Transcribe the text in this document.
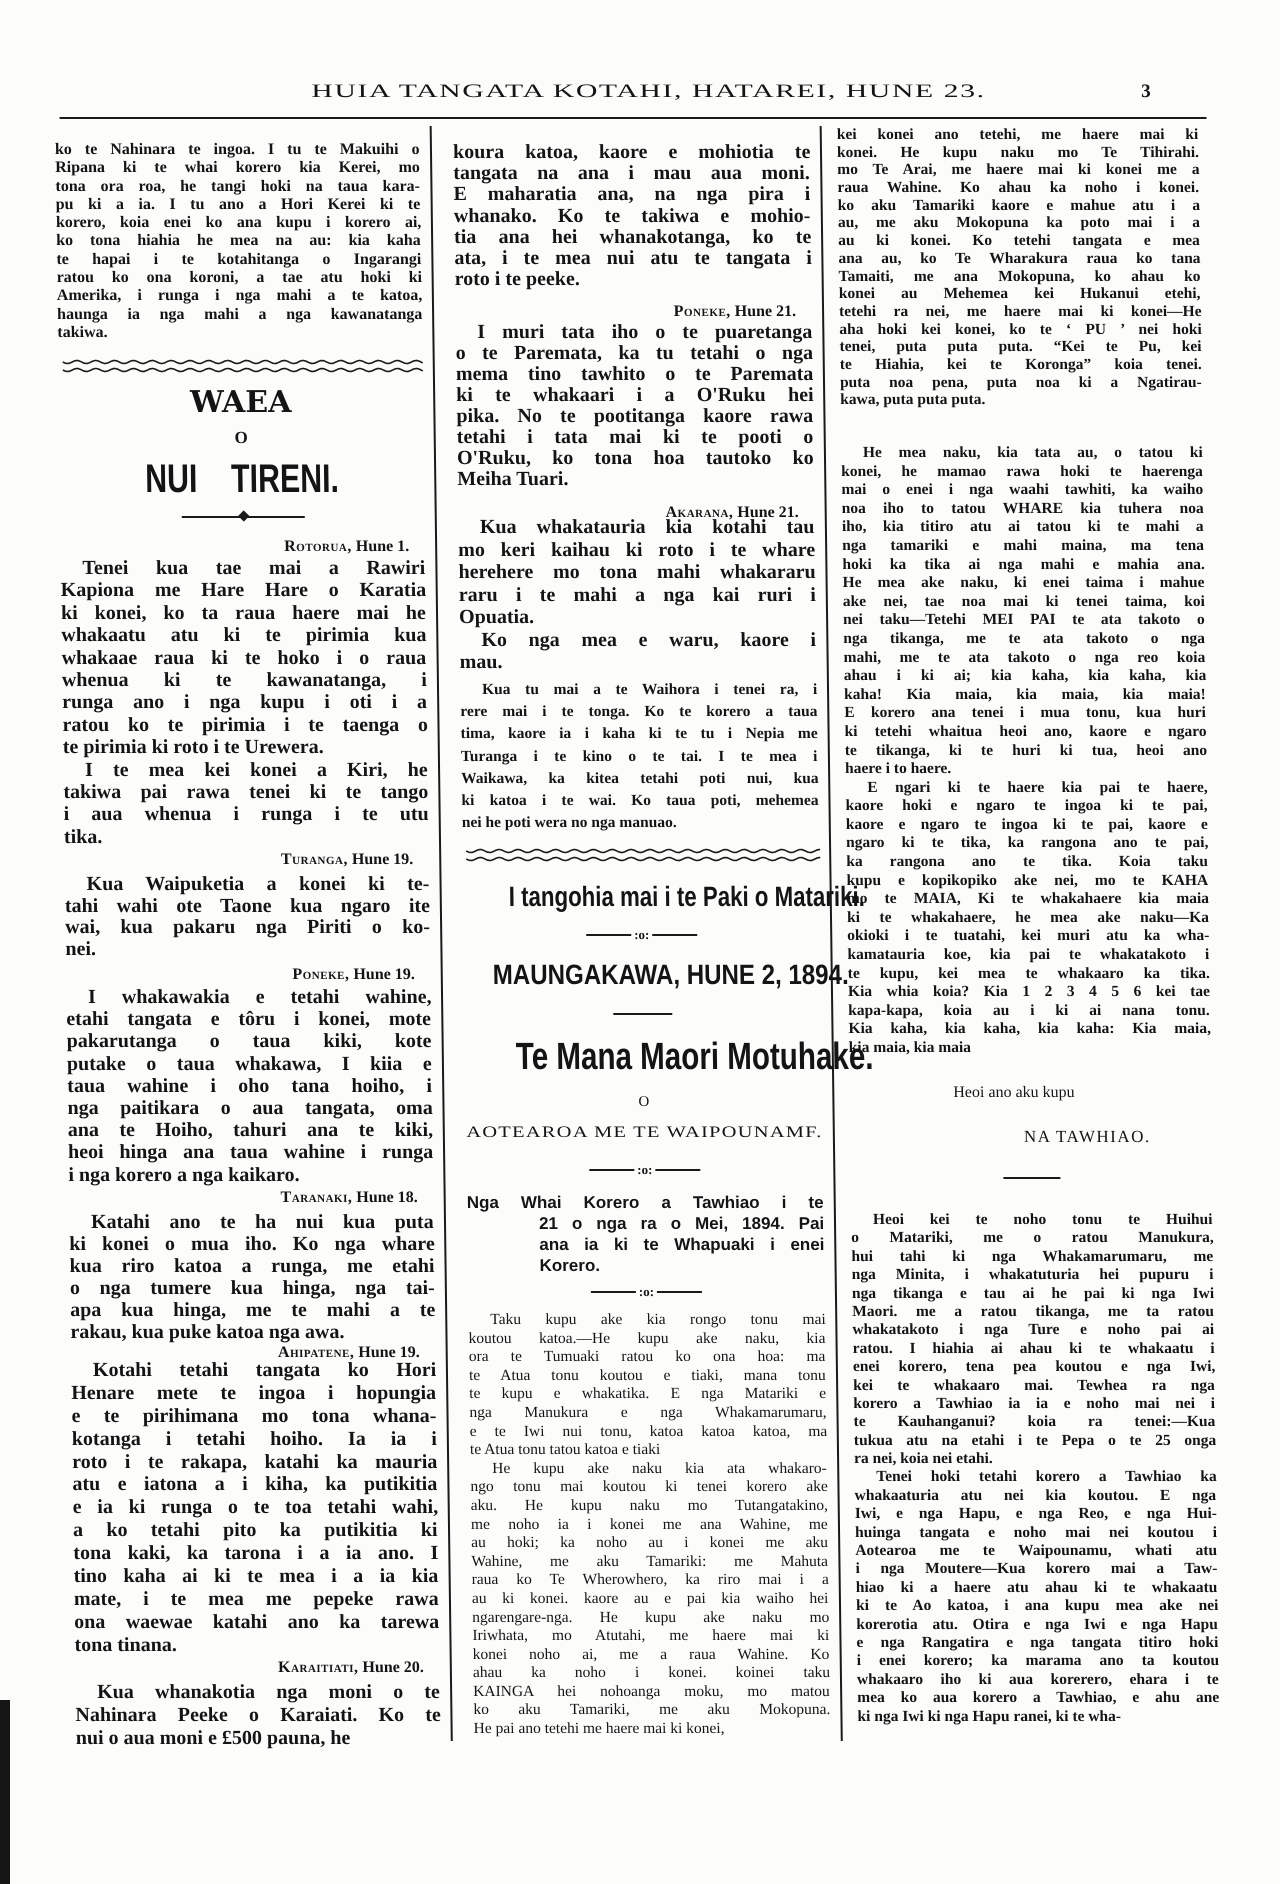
HUIA TANGATA KOTAHI, HATAREI, HUNE 23.	3
ko te Nahinara te ingoa. I tu te Makuihi o
Ripana ki te whai korero kia Kerei, mo
tona ora roa, he tangi hoki na taua kara-
pu ki a ia. I tu ano a Hori Kerei ki te
korero, koia enei ko ana kupu i korero ai,
ko tona hiahia he mea na au: kia kaha
te hapai i te kotahitanga o Ingarangi
ratou ko ona koroni, a tae atu hoki ki
Amerika, i runga i nga mahi a te katoa,
haunga ia nga mahi a nga kawanatanga
takiwa.
WAEA
O
NUI    TIRENI.
Rotorua, Hune 1.
Tenei kua tae mai a Rawiri
Kapiona me Hare Hare o Karatia
ki konei, ko ta raua haere mai he
whakaatu atu ki te pirimia kua
whakaae raua ki te hoko i o raua
whenua ki te kawanatanga, i
runga ano i nga kupu i oti i a
ratou ko te pirimia i te taenga o
te pirimia ki roto i te Urewera.
I te mea kei konei a Kiri, he
takiwa pai rawa tenei ki te tango
i aua whenua i runga i te utu
tika.
Turanga, Hune 19.
Kua Waipuketia a konei ki te-
tahi wahi ote Taone kua ngaro ite
wai, kua pakaru nga Piriti o ko-
nei.
Poneke, Hune 19.
I whakawakia e tetahi wahine,
etahi tangata e tôru i konei, mote
pakarutanga o taua kiki, kote
putake o taua whakawa, I kiia e
taua wahine i oho tana hoiho, i
nga paitikara o aua tangata, oma
ana te Hoiho, tahuri ana te kiki,
heoi hinga ana taua wahine i runga
i nga korero a nga kaikaro.
Taranaki, Hune 18.
Katahi ano te ha nui kua puta
ki konei o mua iho. Ko nga whare
kua riro katoa a runga, me etahi
o nga tumere kua hinga, nga tai-
apa kua hinga, me te mahi a te
rakau, kua puke katoa nga awa.
Ahipatene, Hune 19.
Kotahi tetahi tangata ko Hori
Henare mete te ingoa i hopungia
e te pirihimana mo tona whana-
kotanga i tetahi hoiho. Ia ia i
roto i te rakapa, katahi ka mauria
atu e iatona a i kiha, ka putikitia
e ia ki runga o te toa tetahi wahi,
a ko tetahi pito ka putikitia ki
tona kaki, ka tarona i a ia ano. I
tino kaha ai ki te mea i a ia kia
mate, i te mea me pepeke rawa
ona waewae katahi ano ka tarewa
tona tinana.
Karaitiati, Hune 20.
Kua whanakotia nga moni o te
Nahinara Peeke o Karaiati. Ko te
nui o aua moni e £500 pauna, he
koura katoa, kaore e mohiotia te
tangata na ana i mau aua moni.
E maharatia ana, na nga pira i
whanako. Ko te takiwa e mohio-
tia ana hei whanakotanga, ko te
ata, i te mea nui atu te tangata i
roto i te peeke.
Poneke, Hune 21.
I muri tata iho o te puaretanga
o te Paremata, ka tu tetahi o nga
mema tino tawhito o te Paremata
ki te whakaari i a O'Ruku hei
pika. No te pootitanga kaore rawa
tetahi i tata mai ki te pooti o
O'Ruku, ko tona hoa tautoko ko
Meiha Tuari.
Akarana, Hune 21.
Kua whakatauria kia kotahi tau
mo keri kaihau ki roto i te whare
herehere mo tona mahi whakararu
raru i te mahi a nga kai ruri i
Opuatia.
Ko nga mea e waru, kaore i
mau.
Kua tu mai a te Waihora i tenei ra, i
rere mai i te tonga. Ko te korero a taua
tima, kaore ia i kaha ki te tu i Nepia me
Turanga i te kino o te tai. I te mea i
Waikawa, ka kitea tetahi poti nui, kua
ki katoa i te wai. Ko taua poti, mehemea
nei he poti wera no nga manuao.
I tangohia mai i te Paki o Matariki.
:o:
MAUNGAKAWA, HUNE 2, 1894.
Te Mana Maori Motuhake.
O
AOTEAROA ME TE WAIPOUNAMF.
:o:
Nga Whai Korero a Tawhiao i te
21 o nga ra o Mei, 1894. Pai
ana ia ki te Whapuaki i enei
Korero.
:o:
Taku kupu ake kia rongo tonu mai
koutou katoa.—He kupu ake naku, kia
ora te Tumuaki ratou ko ona hoa: ma
te Atua tonu koutou e tiaki, mana tonu
te kupu e whakatika. E nga Matariki e
nga Manukura e nga Whakamarumaru,
e te Iwi nui tonu, katoa katoa katoa, ma
te Atua tonu tatou katoa e tiaki
He kupu ake naku kia ata whakaro-
ngo tonu mai koutou ki tenei korero ake
aku. He kupu naku mo Tutangatakino,
me noho ia i konei me ana Wahine, me
au hoki; ka noho au i konei me aku
Wahine, me aku Tamariki: me Mahuta
raua ko Te Wherowhero, ka riro mai i a
au ki konei. kaore au e pai kia waiho hei
ngarengare-nga. He kupu ake naku mo
Iriwhata, mo Atutahi, me haere mai ki
konei noho ai, me a raua Wahine. Ko
ahau ka noho i konei. koinei taku
KAINGA hei nohoanga moku, mo matou
ko aku Tamariki, me aku Mokopuna.
He pai ano tetehi me haere mai ki konei,
kei konei ano tetehi, me haere mai ki
konei. He kupu naku mo Te Tihirahi.
mo Te Arai, me haere mai ki konei me a
raua Wahine. Ko ahau ka noho i konei.
ko aku Tamariki kaore e mahue atu i a
au, me aku Mokopuna ka poto mai i a
au ki konei. Ko tetehi tangata e mea
ana au, ko Te Wharakura raua ko tana
Tamaiti, me ana Mokopuna, ko ahau ko
konei au Mehemea kei Hukanui etehi,
tetehi ra nei, me haere mai ki konei—He
aha hoki kei konei, ko te ‘ PU ’ nei hoki
tenei, puta puta puta. “Kei te Pu, kei
te Hiahia, kei te Koronga” koia tenei.
puta noa pena, puta noa ki a Ngatirau-
kawa, puta puta puta.
He mea naku, kia tata au, o tatou ki
konei, he mamao rawa hoki te haerenga
mai o enei i nga waahi tawhiti, ka waiho
noa iho to tatou WHARE kia tuhera noa
iho, kia titiro atu ai tatou ki te mahi a
nga tamariki e mahi maina, ma tena
hoki ka tika ai nga mahi e mahia ana.
He mea ake naku, ki enei taima i mahue
ake nei, tae noa mai ki tenei taima, koi
nei taku—Tetehi MEI PAI te ata takoto o
nga tikanga, me te ata takoto o nga
mahi, me te ata takoto o nga reo koia
ahau i ki ai; kia kaha, kia kaha, kia
kaha! Kia maia, kia maia, kia maia!
E korero ana tenei i mua tonu, kua huri
ki tetehi whaitua heoi ano, kaore e ngaro
te tikanga, ki te huri ki tua, heoi ano
haere i to haere.
E ngari ki te haere kia pai te haere,
kaore hoki e ngaro te ingoa ki te pai,
kaore e ngaro te ingoa ki te pai, kaore e
ngaro ki te tika, ka rangona ano te pai,
ka rangona ano te tika. Koia taku
kupu e kopikopiko ake nei, mo te KAHA
mo te MAIA, Ki te whakahaere kia maia
ki te whakahaere, he mea ake naku—Ka
okioki i te tuatahi, kei muri atu ka wha-
kamatauria koe, kia pai te whakatakoto i
te kupu, kei mea te whakaaro ka tika.
Kia whia koia? Kia 1 2 3 4 5 6 kei tae
kapa-kapa, koia au i ki ai nana tonu.
Kia kaha, kia kaha, kia kaha: Kia maia,
kia maia, kia maia
Heoi ano aku kupu
NA TAWHIAO.
Heoi kei te noho tonu te Huihui
o Matariki, me o ratou Manukura,
hui tahi ki nga Whakamarumaru, me
nga Minita, i whakatuturia hei pupuru i
nga tikanga e tau ai he pai ki nga Iwi
Maori. me a ratou tikanga, me ta ratou
whakatakoto i nga Ture e noho pai ai
ratou. I hiahia ai ahau ki te whakaatu i
enei korero, tena pea koutou e nga Iwi,
kei te whakaaro mai. Tewhea ra nga
korero a Tawhiao ia ia e noho mai nei i
te Kauhanganui? koia ra tenei:—Kua
tukua atu na etahi i te Pepa o te 25 onga
ra nei, koia nei etahi.
Tenei hoki tetahi korero a Tawhiao ka
whakaaturia atu nei kia koutou. E nga
Iwi, e nga Hapu, e nga Reo, e nga Hui-
huinga tangata e noho mai nei koutou i
Aotearoa me te Waipounamu, whati atu
i nga Moutere—Kua korero mai a Taw-
hiao ki a haere atu ahau ki te whakaatu
ki te Ao katoa, i ana kupu mea ake nei
korerotia atu. Otira e nga Iwi e nga Hapu
e nga Rangatira e nga tangata titiro hoki
i enei korero; ka marama ano ta koutou
whakaaro iho ki aua korerero, ehara i te
mea ko aua korero a Tawhiao, e ahu ane
ki nga Iwi ki nga Hapu ranei, ki te wha-
